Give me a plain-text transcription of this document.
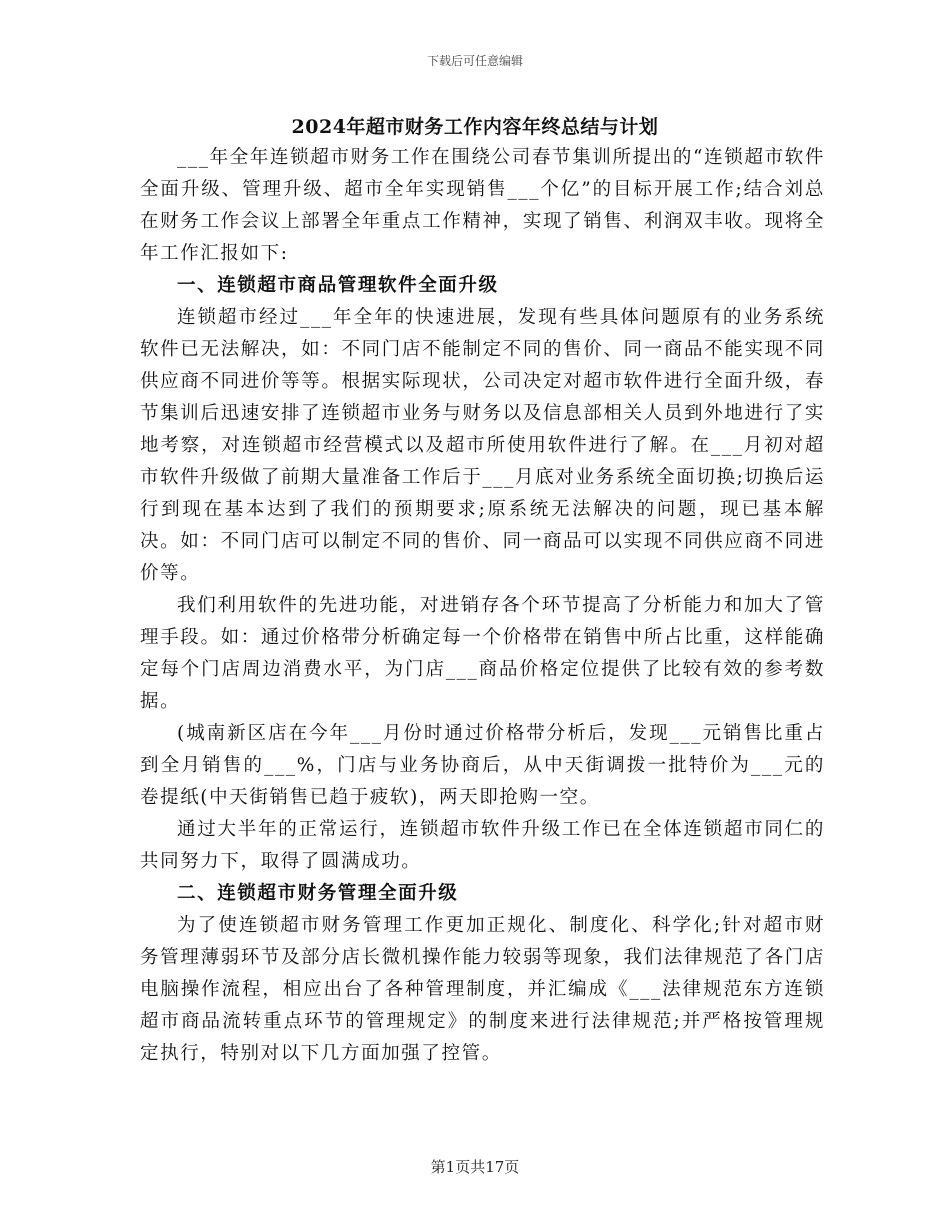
下载后可任意编辑
2024年超市财务工作内容年终总结与计划

___年全年连锁超市财务工作在围绕公司春节集训所提出的“连锁超市软件全面升级、管理升级、超市全年实现销售___个亿”的目标开展工作;结合刘总在财务工作会议上部署全年重点工作精神，实现了销售、利润双丰收。现将全年工作汇报如下:

一、连锁超市商品管理软件全面升级

连锁超市经过___年全年的快速进展，发现有些具体问题原有的业务系统软件已无法解决，如：不同门店不能制定不同的售价、同一商品不能实现不同供应商不同进价等等。根据实际现状，公司决定对超市软件进行全面升级，春节集训后迅速安排了连锁超市业务与财务以及信息部相关人员到外地进行了实地考察，对连锁超市经营模式以及超市所使用软件进行了解。在___月初对超市软件升级做了前期大量准备工作后于___月底对业务系统全面切换;切换后运行到现在基本达到了我们的预期要求;原系统无法解决的问题，现已基本解决。如：不同门店可以制定不同的售价、同一商品可以实现不同供应商不同进价等。

我们利用软件的先进功能，对进销存各个环节提高了分析能力和加大了管理手段。如：通过价格带分析确定每一个价格带在销售中所占比重，这样能确定每个门店周边消费水平，为门店___商品价格定位提供了比较有效的参考数据。

(城南新区店在今年___月份时通过价格带分析后，发现___元销售比重占到全月销售的___%，门店与业务协商后，从中天街调拨一批特价为___元的卷提纸(中天街销售已趋于疲软)，两天即抢购一空。

通过大半年的正常运行，连锁超市软件升级工作已在全体连锁超市同仁的共同努力下，取得了圆满成功。

二、连锁超市财务管理全面升级

为了使连锁超市财务管理工作更加正规化、制度化、科学化;针对超市财务管理薄弱环节及部分店长微机操作能力较弱等现象，我们法律规范了各门店电脑操作流程，相应出台了各种管理制度，并汇编成《___法律规范东方连锁超市商品流转重点环节的管理规定》的制度来进行法律规范;并严格按管理规定执行，特别对以下几方面加强了控管。

第1页共17页
